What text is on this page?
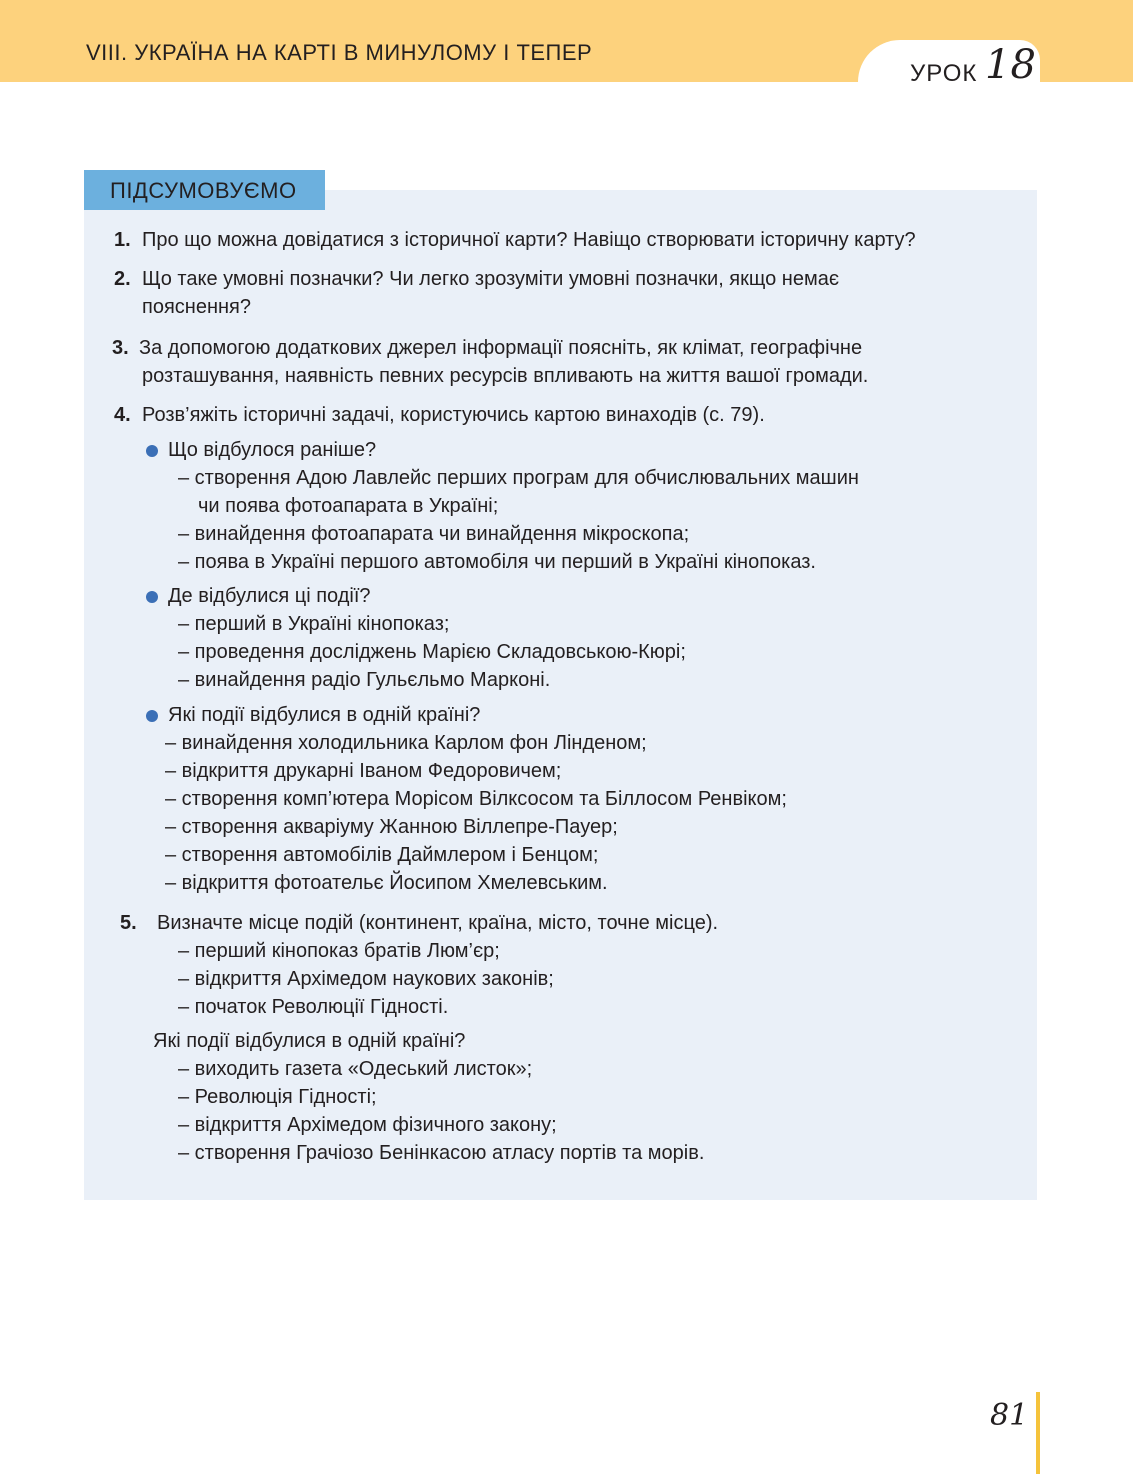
VIII. УКРАЇНА НА КАРТІ В МИНУЛОМУ І ТЕПЕР
УРОК 18
ПІДСУМОВУЄМО
1. Про що можна довідатися з історичної карти? Навіщо створювати історичну карту?
2. Що таке умовні позначки? Чи легко зрозуміти умовні позначки, якщо немає
пояснення?
3. За допомогою додаткових джерел інформації поясніть, як клімат, географічне
розташування, наявність певних ресурсів впливають на життя вашої громади.
4. Розв’яжіть історичні задачі, користуючись картою винаходів (с. 79).
Що відбулося раніше?
– створення Адою Лавлейс перших програм для обчислювальних машин
чи поява фотоапарата в Україні;
– винайдення фотоапарата чи винайдення мікроскопа;
– поява в Україні першого автомобіля чи перший в Україні кінопоказ.
Де відбулися ці події?
– перший в Україні кінопоказ;
– проведення досліджень Марією Складовською-Кюрі;
– винайдення радіо Гульєльмо Марконі.
Які події відбулися в одній країні?
– винайдення холодильника Карлом фон Лінденом;
– відкриття друкарні Іваном Федоровичем;
– створення комп’ютера Морісом Вілксосом та Біллосом Ренвіком;
– створення акваріуму Жанною Віллепре-Пауер;
– створення автомобілів Даймлером і Бенцом;
– відкриття фотоательє Йосипом Хмелевським.
5. Визначте місце подій (континент, країна, місто, точне місце).
– перший кінопоказ братів Люм’єр;
– відкриття Архімедом наукових законів;
– початок Революції Гідності.
Які події відбулися в одній країні?
– виходить газета «Одеський листок»;
– Революція Гідності;
– відкриття Архімедом фізичного закону;
– створення Грачіозо Бенінкасою атласу портів та морів.
81
